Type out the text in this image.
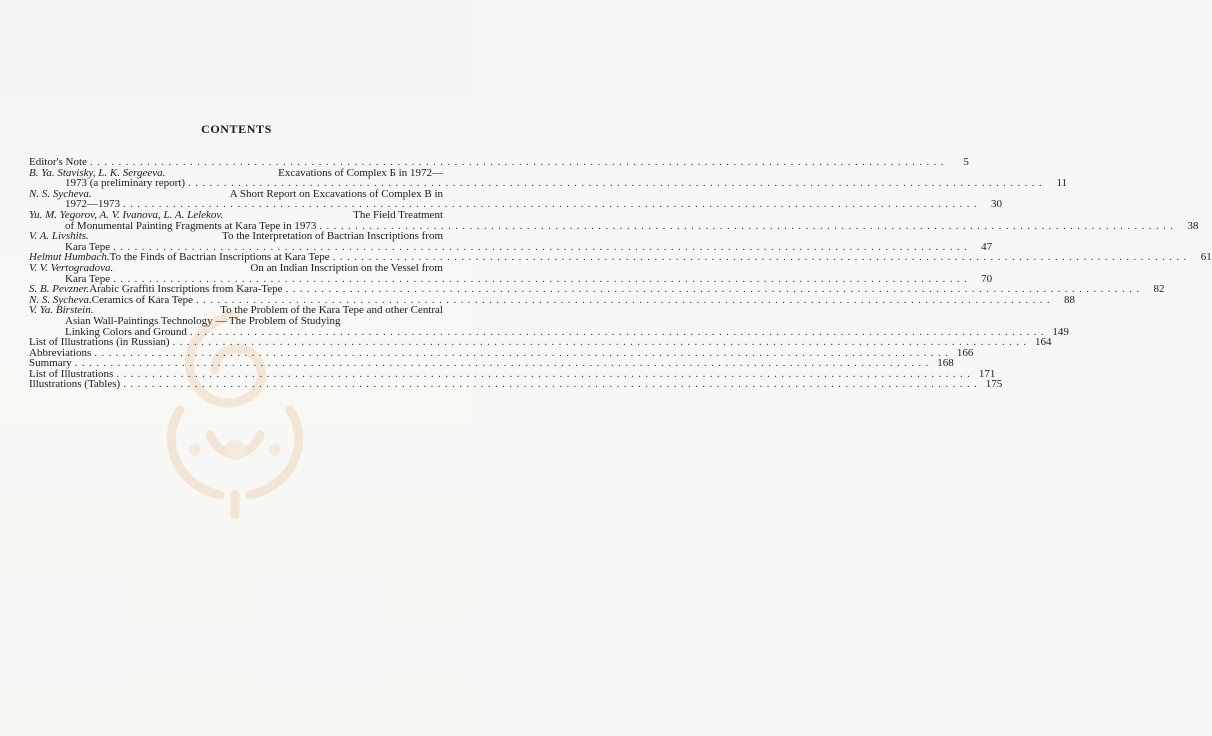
CONTENTS
Editor's Note ........................................................................................................................	5
B. Ya. Stavisky, L. K. Sergeeva.	Excavations of Complex Б in 1972—
1973 (a preliminary report) ........................................................................................................................ 11
N. S. Sycheva.	A Short Report on Excavations of Complex B in
1972—1973 ........................................................................................................................ 30
Yu. M. Yegorov, A. V. Ivanova, L. A. Lelekov.	The Field Treatment
of Monumental Painting Fragments at Kara Tepe in 1973 ........................................................................................................................ 38
V. A. Livshits.	To the Interpretation of Bactrian Inscriptions from
Kara Tepe ........................................................................................................................ 47
Helmut Humbach. To the Finds of Bactrian Inscriptions at Kara Tepe ........................................................................................................................ 61
V. V. Vertogradova.	On an Indian Inscription on the Vessel from
Kara Tepe ........................................................................................................................ 70
S. B. Pevzner. Arabic Graffiti Inscriptions from Kara-Tepe ........................................................................................................................ 82
N. S. Sycheva. Ceramics of Kara Tepe ........................................................................................................................ 88
V. Ya. Birstein.	To the Problem of the Kara Tepe and other Central
Asian Wall-Paintings Technology — The Problem of Studying
Linking Colors and Ground ........................................................................................................................ 149
List of Illustrations (in Russian) ........................................................................................................................ 164
Abbreviations ........................................................................................................................ 166
Summary ........................................................................................................................ 168
List of Illustrations ........................................................................................................................ 171
Illustrations (Tables) ........................................................................................................................ 175
